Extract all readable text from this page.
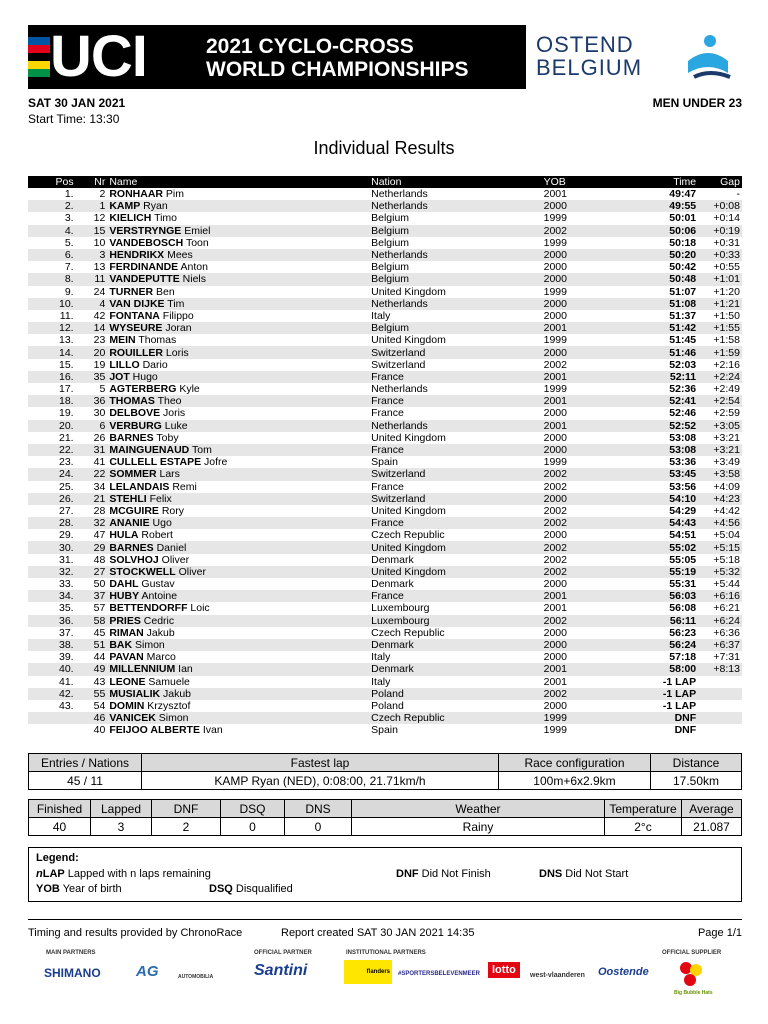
UCI	2021 CYCLO-CROSS
WORLD CHAMPIONSHIPS
OSTEND
BELGIUM
SAT 30 JAN 2021	MEN UNDER 23
Start Time: 13:30
Individual Results
Pos	Nr	Name	Nation	YOB	Time	Gap
1.	2	RONHAAR Pim	Netherlands	2001	49:47	-
2.	1	KAMP Ryan	Netherlands	2000	49:55	+0:08
3.	12	KIELICH Timo	Belgium	1999	50:01	+0:14
4.	15	VERSTRYNGE Emiel	Belgium	2002	50:06	+0:19
5.	10	VANDEBOSCH Toon	Belgium	1999	50:18	+0:31
6.	3	HENDRIKX Mees	Netherlands	2000	50:20	+0:33
7.	13	FERDINANDE Anton	Belgium	2000	50:42	+0:55
8.	11	VANDEPUTTE Niels	Belgium	2000	50:48	+1:01
9.	24	TURNER Ben	United Kingdom	1999	51:07	+1:20
10.	4	VAN DIJKE Tim	Netherlands	2000	51:08	+1:21
11.	42	FONTANA Filippo	Italy	2000	51:37	+1:50
12.	14	WYSEURE Joran	Belgium	2001	51:42	+1:55
13.	23	MEIN Thomas	United Kingdom	1999	51:45	+1:58
14.	20	ROUILLER Loris	Switzerland	2000	51:46	+1:59
15.	19	LILLO Dario	Switzerland	2002	52:03	+2:16
16.	35	JOT Hugo	France	2001	52:11	+2:24
17.	5	AGTERBERG Kyle	Netherlands	1999	52:36	+2:49
18.	36	THOMAS Theo	France	2001	52:41	+2:54
19.	30	DELBOVE Joris	France	2000	52:46	+2:59
20.	6	VERBURG Luke	Netherlands	2001	52:52	+3:05
21.	26	BARNES Toby	United Kingdom	2000	53:08	+3:21
22.	31	MAINGUENAUD Tom	France	2000	53:08	+3:21
23.	41	CULLELL ESTAPE Jofre	Spain	1999	53:36	+3:49
24.	22	SOMMER Lars	Switzerland	2002	53:45	+3:58
25.	34	LELANDAIS Remi	France	2002	53:56	+4:09
26.	21	STEHLI Felix	Switzerland	2000	54:10	+4:23
27.	28	MCGUIRE Rory	United Kingdom	2002	54:29	+4:42
28.	32	ANANIE Ugo	France	2002	54:43	+4:56
29.	47	HULA Robert	Czech Republic	2000	54:51	+5:04
30.	29	BARNES Daniel	United Kingdom	2002	55:02	+5:15
31.	48	SOLVHOJ Oliver	Denmark	2002	55:05	+5:18
32.	27	STOCKWELL Oliver	United Kingdom	2002	55:19	+5:32
33.	50	DAHL Gustav	Denmark	2000	55:31	+5:44
34.	37	HUBY Antoine	France	2001	56:03	+6:16
35.	57	BETTENDORFF Loic	Luxembourg	2001	56:08	+6:21
36.	58	PRIES Cedric	Luxembourg	2002	56:11	+6:24
37.	45	RIMAN Jakub	Czech Republic	2000	56:23	+6:36
38.	51	BAK Simon	Denmark	2000	56:24	+6:37
39.	44	PAVAN Marco	Italy	2000	57:18	+7:31
40.	49	MILLENNIUM Ian	Denmark	2001	58:00	+8:13
41.	43	LEONE Samuele	Italy	2001	-1 LAP	
42.	55	MUSIALIK Jakub	Poland	2002	-1 LAP	
43.	54	DOMIN Krzysztof	Poland	2000	-1 LAP	
	46	VANICEK Simon	Czech Republic	1999	DNF	
	40	FEIJOO ALBERTE Ivan	Spain	1999	DNF	
Entries / Nations	Fastest lap	Race configuration	Distance
45 / 11	KAMP Ryan (NED), 0:08:00, 21.71km/h	100m+6x2.9km	17.50km
Finished	Lapped	DNF	DSQ	DNS	Weather	Temperature	Average
40	3	2	0	0	Rainy	2°c	21.087
Legend:
nLAP Lapped with n laps remaining
YOB Year of birth
DNF Did Not Finish
DSQ Disqualified
DNS Did Not Start
Timing and results provided by ChronoRace	Report created SAT 30 JAN 2021 14:35	Page 1/1
MAIN PARTNERS	OFFICIAL PARTNER	INSTITUTIONAL PARTNERS	OFFICIAL SUPPLIER
SHIMANO AG	AUTOMOBILIA	Santini	flanders	#SPORTERSBELEVENMEER	lotto	west-vlaanderen Oostende
Big Bubble Hats
